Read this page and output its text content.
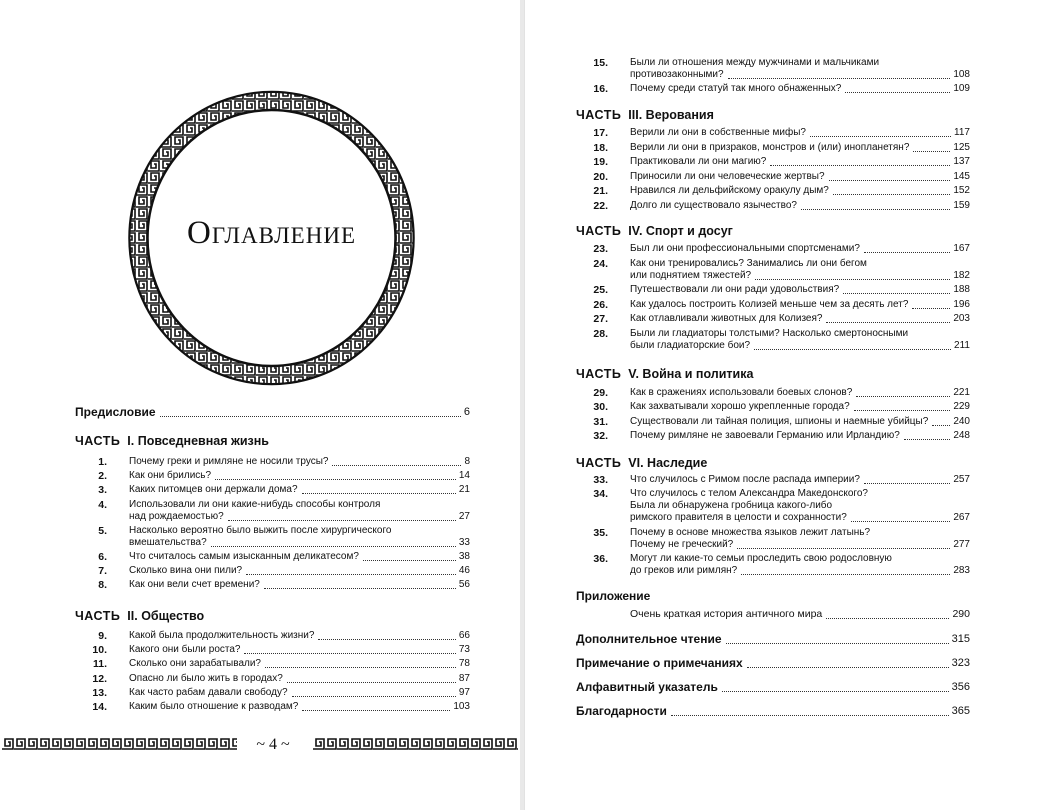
Оглавление
Предисловие	6
ЧАСТЬ I. Повседневная жизнь
ЧАСТЬ II. Общество
ЧАСТЬ III. Верования
ЧАСТЬ IV. Спорт и досуг
ЧАСТЬ V. Война и политика
ЧАСТЬ VI. Наследие
Приложение
Очень краткая история античного мира	290
Дополнительное чтение	315
Примечание о примечаниях	323
Алфавитный указатель	356
Благодарности	365
~ 4 ~
1. Почему греки и римляне не носили трусы?	8
2. Как они брились?	14
3. Каких питомцев они держали дома?	21
4. Использовали ли они какие-нибудь способы контроля
над рождаемостью?	27
5. Насколько вероятно было выжить после хирургического
вмешательства?	33
6. Что считалось самым изысканным деликатесом?	38
7. Сколько вина они пили?	46
8. Как они вели счет времени?	56
9. Какой была продолжительность жизни?	66
10. Какого они были роста?	73
11. Сколько они зарабатывали?	78
12. Опасно ли было жить в городах?	87
13. Как часто рабам давали свободу?	97
14. Каким было отношение к разводам?	103
15. Были ли отношения между мужчинами и мальчиками
противозаконными?	108
16. Почему среди статуй так много обнаженных?	109
17. Верили ли они в собственные мифы?	117
18. Верили ли они в призраков, монстров и (или) инопланетян?	125
19. Практиковали ли они магию?	137
20. Приносили ли они человеческие жертвы?	145
21. Нравился ли дельфийскому оракулу дым?	152
22. Долго ли существовало язычество?	159
23. Был ли они профессиональными спортсменами?	167
24. Как они тренировались? Занимались ли они бегом
или поднятием тяжестей?	182
25. Путешествовали ли они ради удовольствия?	188
26. Как удалось построить Колизей меньше чем за десять лет?	196
27. Как отлавливали животных для Колизея?	203
28. Были ли гладиаторы толстыми? Насколько смертоносными
были гладиаторские бои?	211
29. Как в сражениях использовали боевых слонов?	221
30. Как захватывали хорошо укрепленные города?	229
31. Существовали ли тайная полиция, шпионы и наемные убийцы?	240
32. Почему римляне не завоевали Германию или Ирландию?	248
33. Что случилось с Римом после распада империи?	257
34. Что случилось с телом Александра Македонского?
Была ли обнаружена гробница какого-либо
римского правителя в целости и сохранности?	267
35. Почему в основе множества языков лежит латынь?
Почему не греческий?	277
36. Могут ли какие-то семьи проследить свою родословную
до греков или римлян?	283
